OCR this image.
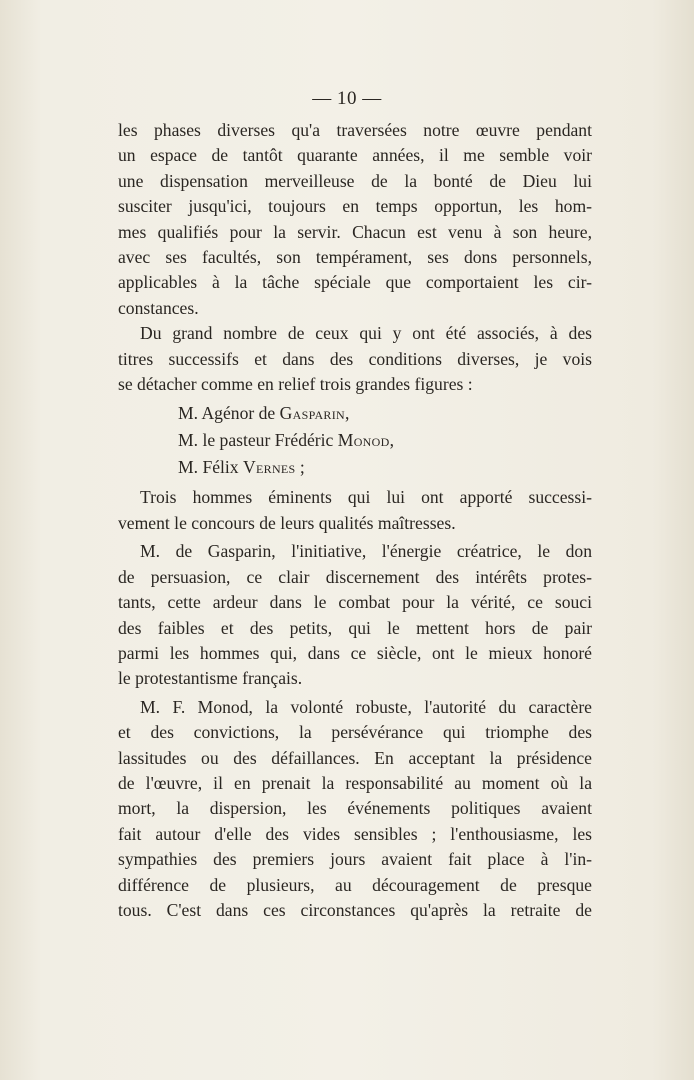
— 10 —

les phases diverses qu'a traversées notre œuvre pendant
un espace de tantôt quarante années, il me semble voir
une dispensation merveilleuse de la bonté de Dieu lui
susciter jusqu'ici, toujours en temps opportun, les hom-
mes qualifiés pour la servir. Chacun est venu à son heure,
avec ses facultés, son tempérament, ses dons personnels,
applicables à la tâche spéciale que comportaient les cir-
constances.

Du grand nombre de ceux qui y ont été associés, à des
titres successifs et dans des conditions diverses, je vois
se détacher comme en relief trois grandes figures :

M. Agénor de Gasparin,
M. le pasteur Frédéric Monod,
M. Félix Vernes ;

Trois hommes éminents qui lui ont apporté successi-
vement le concours de leurs qualités maîtresses.

M. de Gasparin, l'initiative, l'énergie créatrice, le don
de persuasion, ce clair discernement des intérêts protes-
tants, cette ardeur dans le combat pour la vérité, ce souci
des faibles et des petits, qui le mettent hors de pair
parmi les hommes qui, dans ce siècle, ont le mieux honoré
le protestantisme français.

M. F. Monod, la volonté robuste, l'autorité du caractère
et des convictions, la persévérance qui triomphe des
lassitudes ou des défaillances. En acceptant la présidence
de l'œuvre, il en prenait la responsabilité au moment où la
mort, la dispersion, les événements politiques avaient
fait autour d'elle des vides sensibles ; l'enthousiasme, les
sympathies des premiers jours avaient fait place à l'in-
différence de plusieurs, au découragement de presque
tous. C'est dans ces circonstances qu'après la retraite de
